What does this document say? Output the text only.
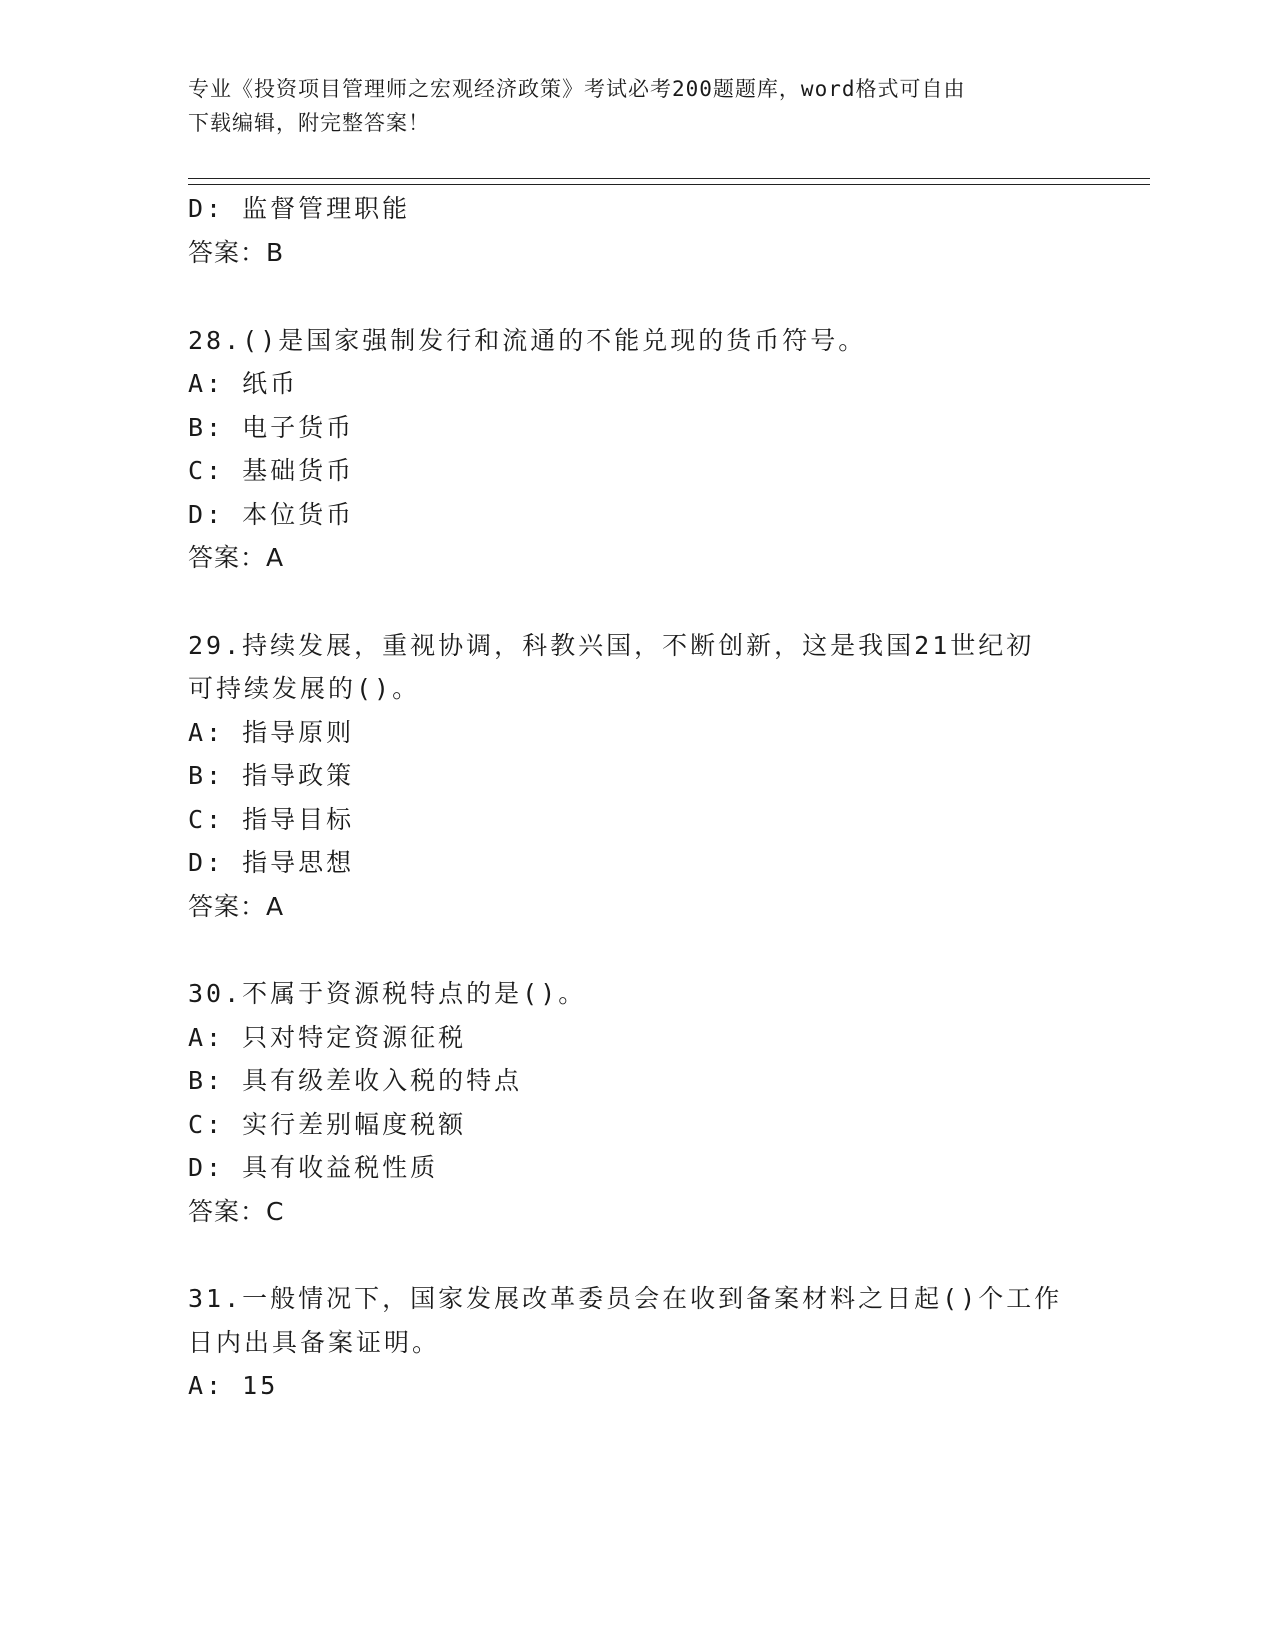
专业《投资项目管理师之宏观经济政策》考试必考200题题库，word格式可自由
下载编辑，附完整答案！
D: 监督管理职能
答案：B
28.()是国家强制发行和流通的不能兑现的货币符号。
A: 纸币
B: 电子货币
C: 基础货币
D: 本位货币
答案：A
29.持续发展，重视协调，科教兴国，不断创新，这是我国21世纪初
可持续发展的()。
A: 指导原则
B: 指导政策
C: 指导目标
D: 指导思想
答案：A
30.不属于资源税特点的是()。
A: 只对特定资源征税
B: 具有级差收入税的特点
C: 实行差别幅度税额
D: 具有收益税性质
答案：C
31.一般情况下，国家发展改革委员会在收到备案材料之日起()个工作
日内出具备案证明。
A: 15
